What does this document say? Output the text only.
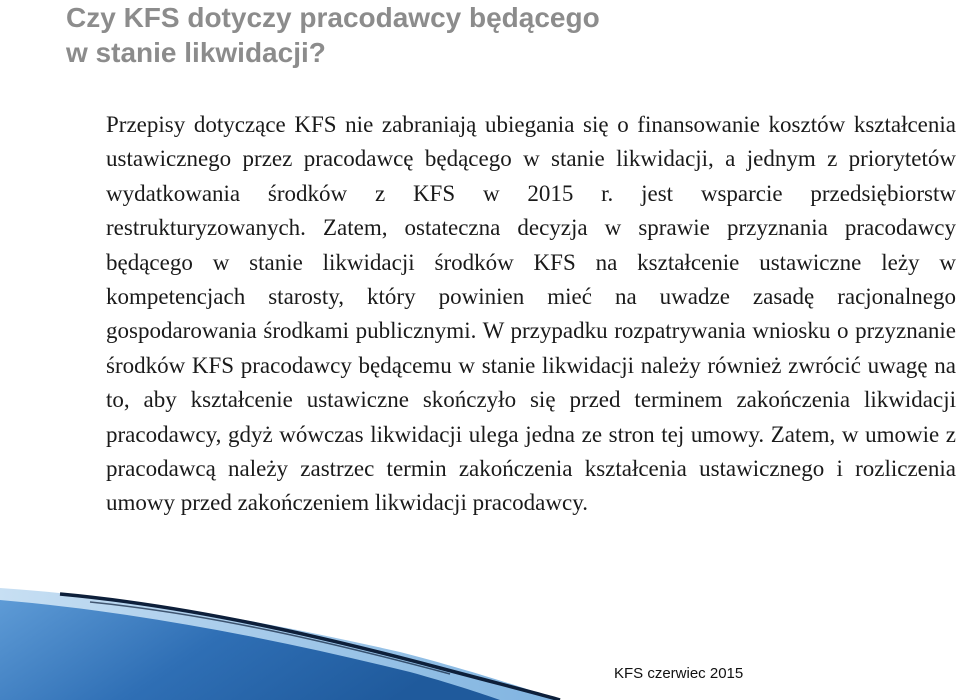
Czy KFS dotyczy pracodawcy będącego
w stanie likwidacji?

Przepisy dotyczące KFS nie zabraniają ubiegania się o finansowanie kosztów kształcenia ustawicznego przez pracodawcę będącego w stanie likwidacji, a jednym z priorytetów wydatkowania środków z KFS w 2015 r. jest wsparcie przedsiębiorstw restrukturyzowanych. Zatem, ostateczna decyzja w sprawie przyznania pracodawcy będącego w stanie likwidacji środków KFS na kształcenie ustawiczne leży w kompetencjach starosty, który powinien mieć na uwadze zasadę racjonalnego gospodarowania środkami publicznymi. W przypadku rozpatrywania wniosku o przyznanie środków KFS pracodawcy będącemu w stanie likwidacji należy również zwrócić uwagę na to, aby kształcenie ustawiczne skończyło się przed terminem zakończenia likwidacji pracodawcy, gdyż wówczas likwidacji ulega jedna ze stron tej umowy. Zatem, w umowie z pracodawcą należy zastrzec termin zakończenia kształcenia ustawicznego i rozliczenia umowy przed zakończeniem likwidacji pracodawcy.

KFS czerwiec 2015
